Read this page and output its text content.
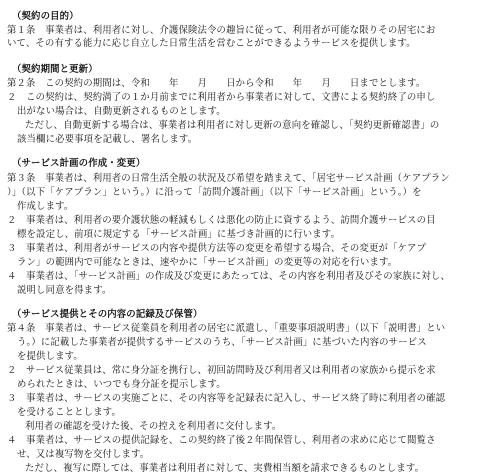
（契約の目的）
第１条　事業者は、利用者に対し、介護保険法令の趣旨に従って、利用者が可能な限りその居宅にお
いて、その有する能力に応じ自立した日常生活を営むことができるようサービスを提供します。
（契約期間と更新）
第２条　この契約の期間は、令和　　年　　月　　日から令和　　年　　月　　日までとします。
２　この契約は、契約満了の１か月前までに利用者から事業者に対して、文書による契約終了の申し
出がない場合は、自動更新されるものとします。
ただし、自動更新する場合は、事業者は利用者に対し更新の意向を確認し、「契約更新確認書」の
該当欄に必要事項を記載し、署名します。
（サービス計画の作成・変更）
第３条　事業者は、利用者の日常生活全般の状況及び希望を踏まえて、「居宅サービス計画（ケアプラン
）」（以下「ケアプラン」という。）に沿って「訪問介護計画」（以下「サービス計画」という。）を
作成します。
２　事業者は、利用者の要介護状態の軽減もしくは悪化の防止に資するよう、訪問介護サービスの目
標を設定し、前項に規定する「サービス計画」に基づき計画的に行います。
３　事業者は、利用者がサービスの内容や提供方法等の変更を希望する場合、その変更が「ケアプ
ラン」の範囲内で可能なときは、速やかに「サービス計画」の変更等の対応を行います。
４　事業者は、「サービス計画」の作成及び変更にあたっては、その内容を利用者及びその家族に対し、
説明し同意を得ます。
（サービス提供とその内容の記録及び保管）
第４条　事業者は、サービス従業員を利用者の居宅に派遣し、「重要事項説明書」（以下「説明書」とい
う。）に記載した事業者が提供するサービスのうち、「サービス計画」に基づいた内容のサービス
を提供します。
２　サービス従業員は、常に身分証を携行し、初回訪問時及び利用者又は利用者の家族から提示を求
められたときは、いつでも身分証を提示します。
３　事業者は、サービスの実施ごとに、その内容等を記録表に記入し、サービス終了時に利用者の確認
を受けることとします。
利用者の確認を受けた後、その控えを利用者に交付します。
４　事業者は、サービスの提供記録を、この契約終了後２年間保管し、利用者の求めに応じて閲覧さ
せ、又は複写物を交付します。
ただし、複写に際しては、事業者は利用者に対して、実費相当額を請求できるものとします。
